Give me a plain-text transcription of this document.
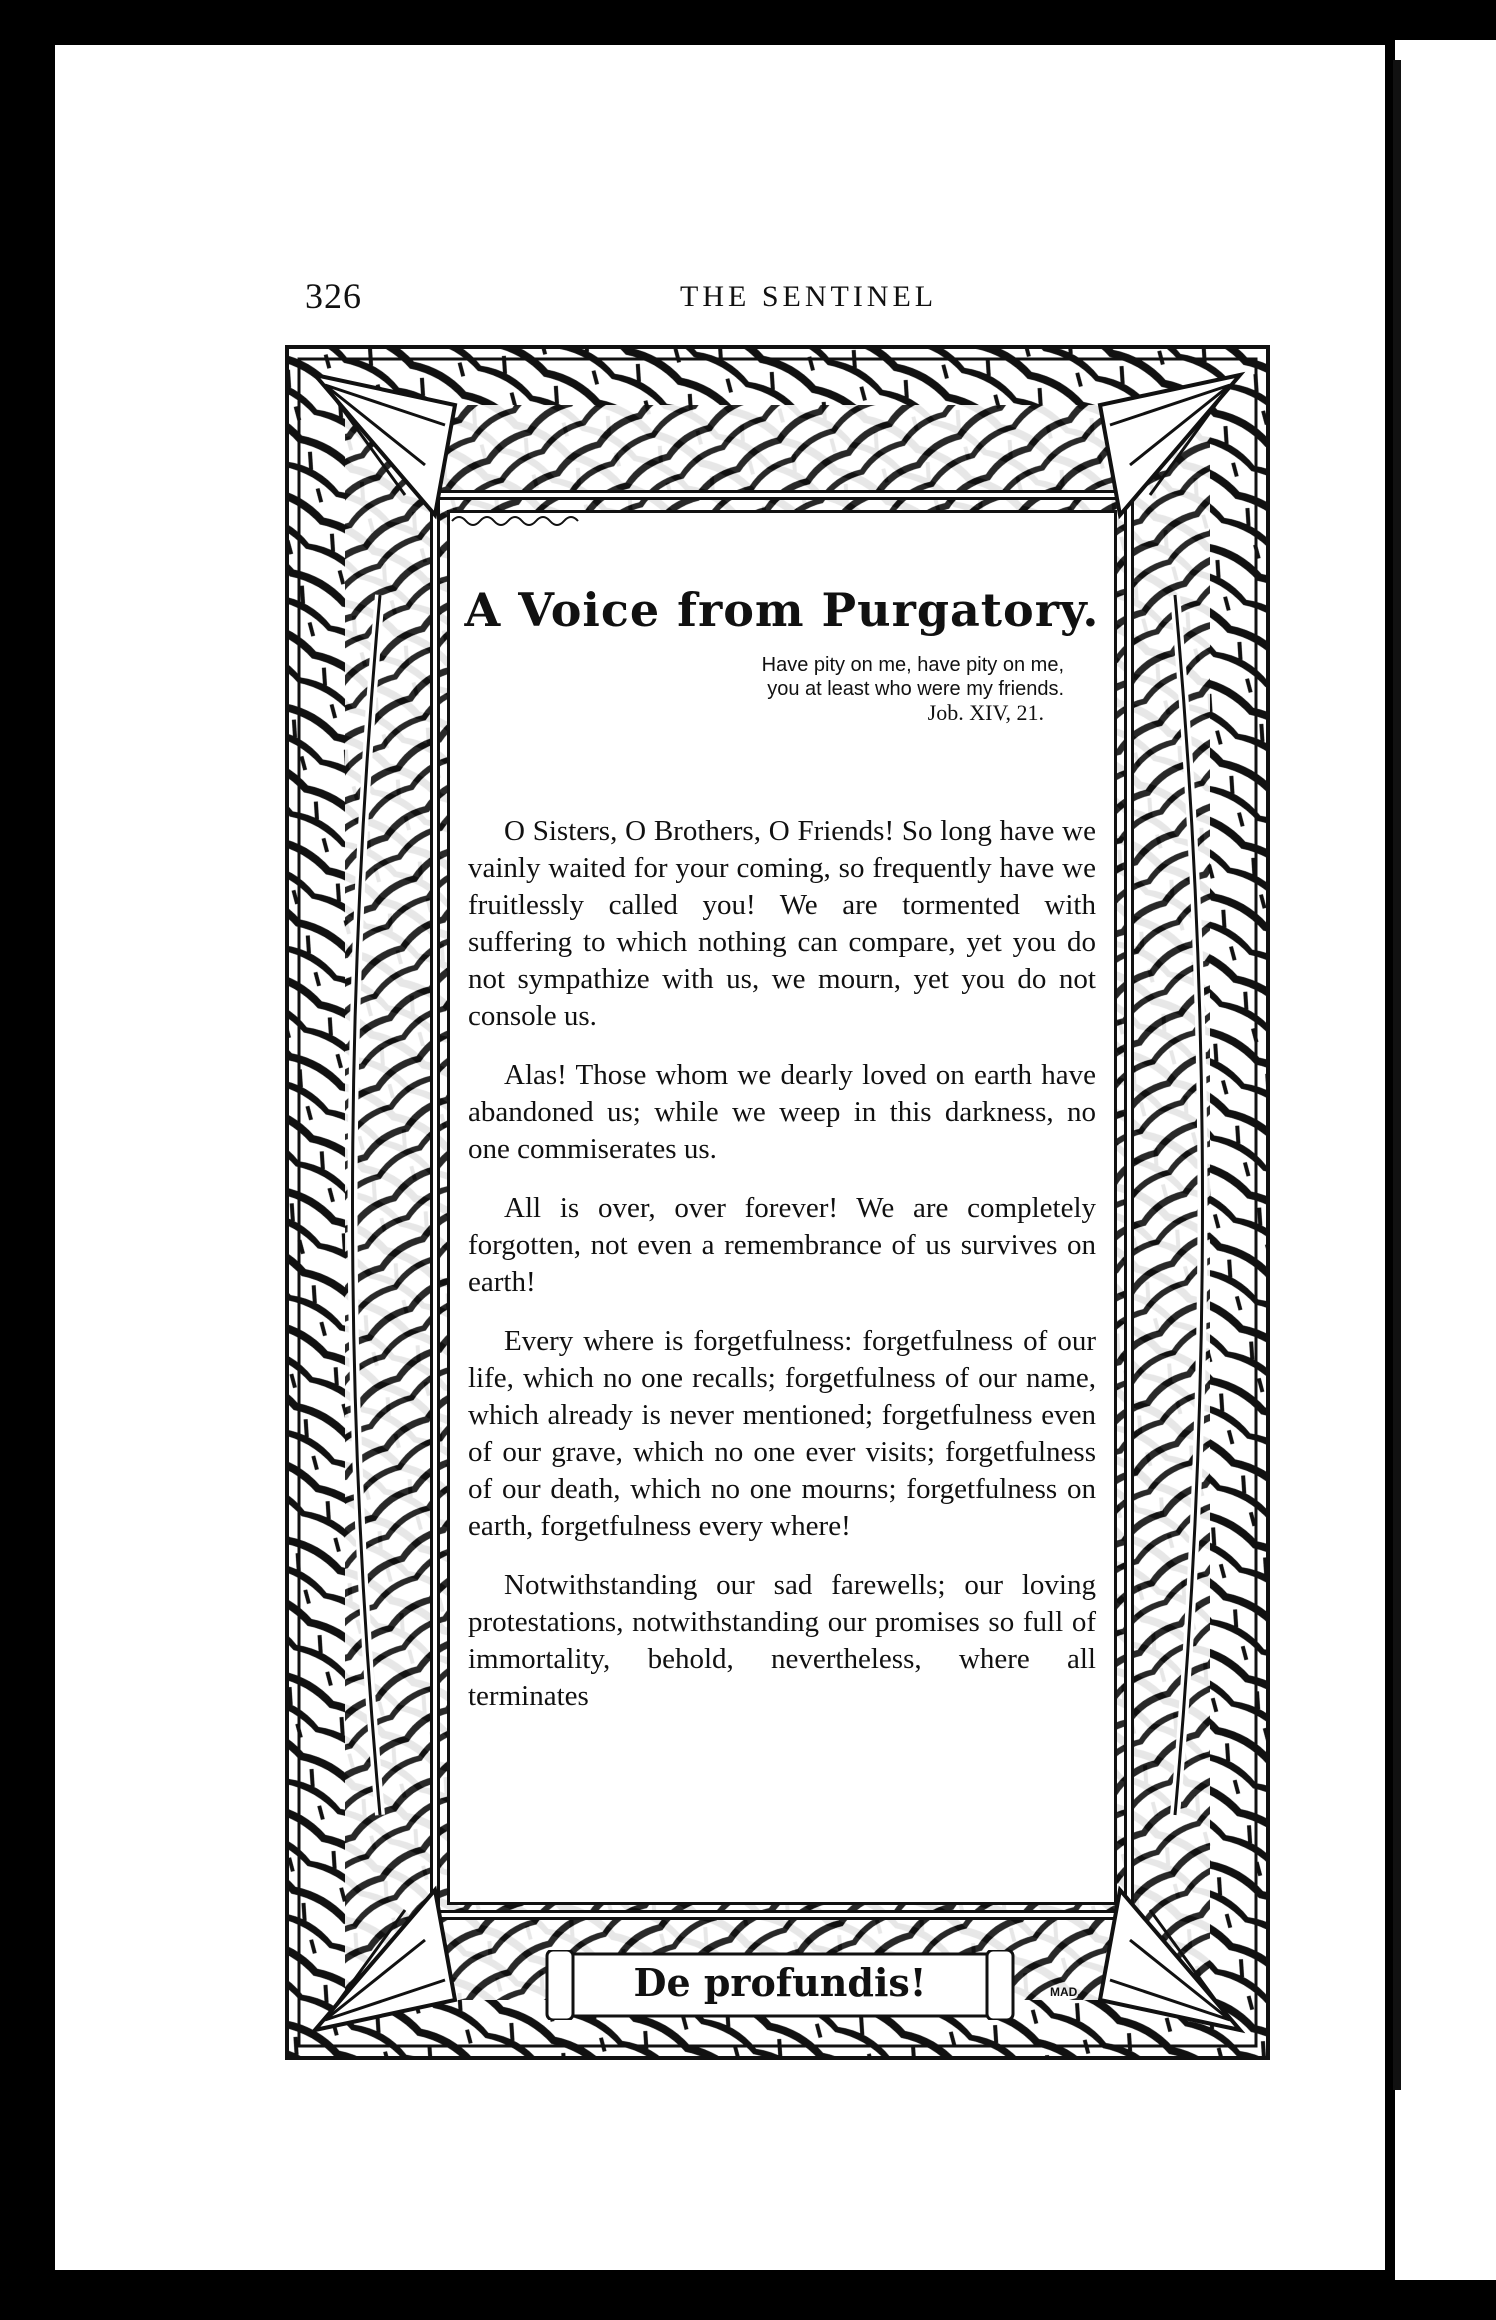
326	THE SENTINEL
A Voice from Purgatory.
Have pity on me, have pity on me,
you at least who were my friends.
Job. XIV, 21.

O Sisters, O Brothers, O Friends! So long have we vainly waited for your coming, so frequently have we fruitlessly called you! We are tormented with suffering to which nothing can compare, yet you do not sympathize with us, we mourn, yet you do not console us.

Alas! Those whom we dearly loved on earth have abandoned us; while we weep in this darkness, no one commiserates us.

All is over, over forever! We are completely forgotten, not even a remembrance of us survives on earth!

Every where is forgetfulness: forgetfulness of our life, which no one recalls; forgetfulness of our name, which already is never mentioned; forgetfulness even of our grave, which no one ever visits; forgetfulness of our death, which no one mourns; forgetfulness on earth, forgetfulness every where!

Notwithstanding our sad farewells; our loving protestations, notwithstanding our promises so full of immortality, behold, nevertheless, where all terminates

De profundis!	MAD.
